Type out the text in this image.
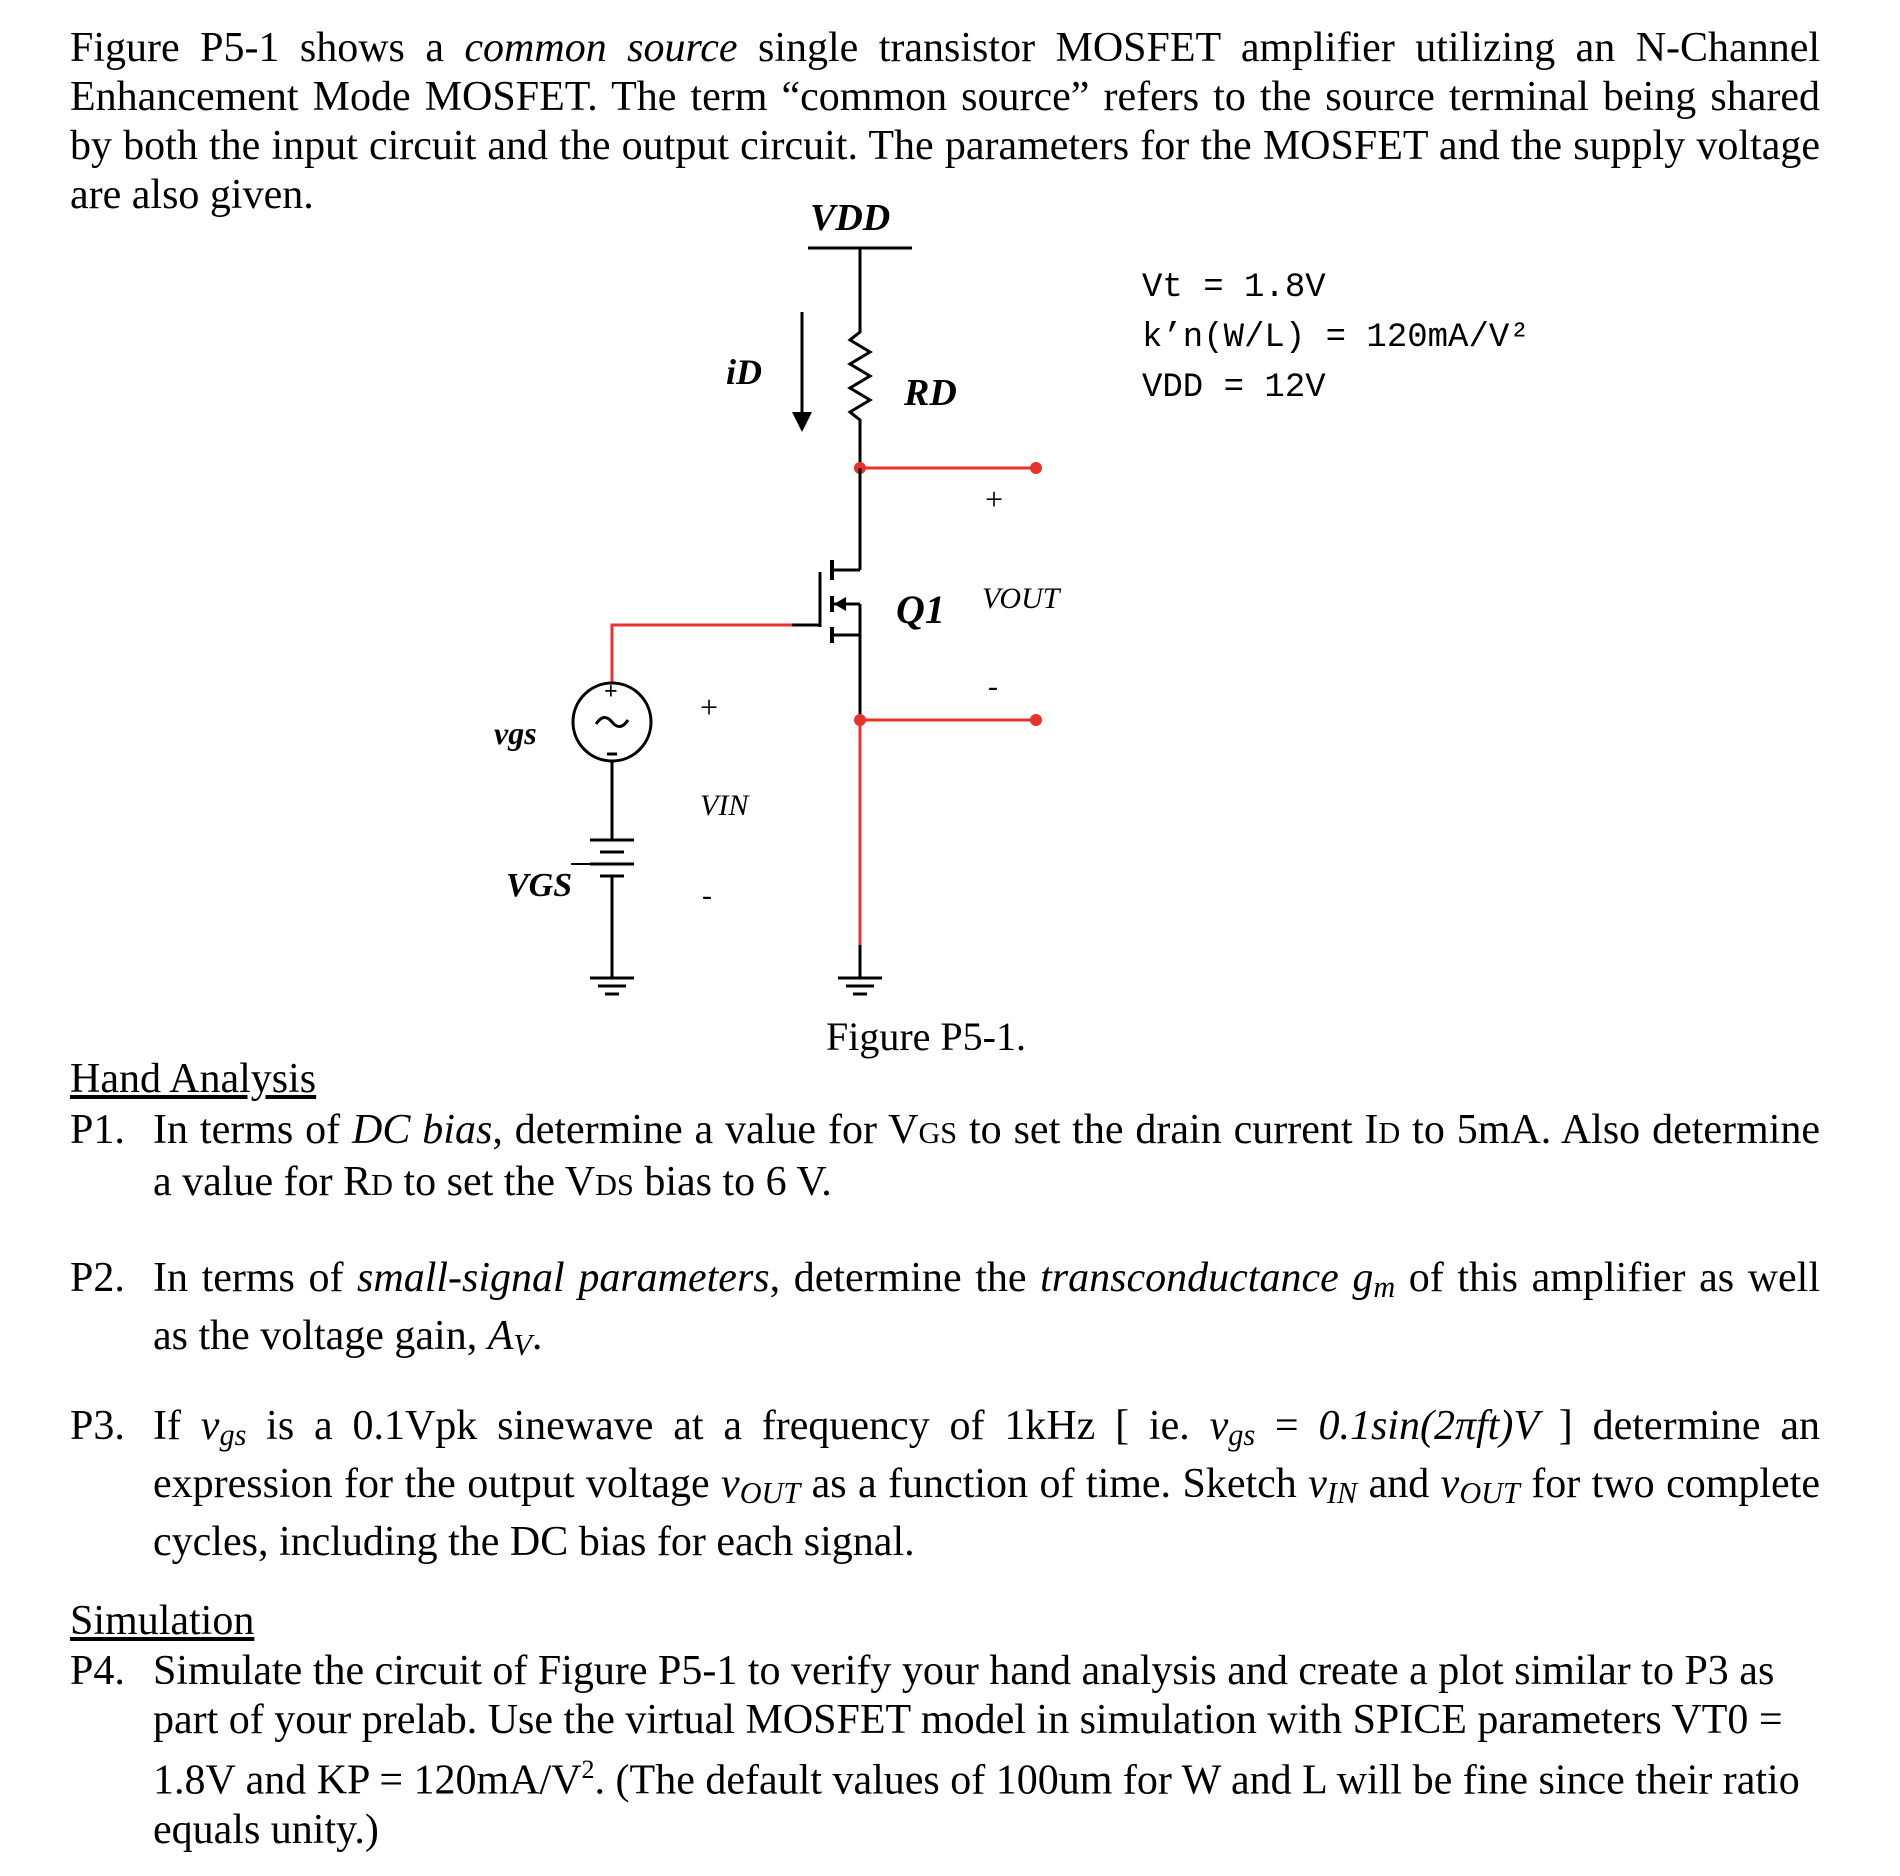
Figure P5-1 shows a common source single transistor MOSFET amplifier utilizing an N-Channel Enhancement Mode MOSFET. The term “common source” refers to the source terminal being shared by both the input circuit and the output circuit. The parameters for the MOSFET and the supply voltage are also given.	VDD
iD	RD
Q1
+
VOUT
-
+
vgs
VGS
+
VIN
-
Vt = 1.8V
k’n(W/L) = 120mA/V²
VDD = 12V
Figure P5-1.
Hand Analysis
P1. In terms of DC bias, determine a value for VGS to set the drain current ID to 5mA. Also determine a value for RD to set the VDS bias to 6 V.
P2. In terms of small-signal parameters, determine the transconductance gm of this amplifier as well as the voltage gain, AV.
P3. If vgs is a 0.1Vpk sinewave at a frequency of 1kHz [ ie. vgs = 0.1sin(2πft)V ] determine an expression for the output voltage vOUT as a function of time. Sketch vIN and vOUT for two complete cycles, including the DC bias for each signal.
Simulation
P4. Simulate the circuit of Figure P5-1 to verify your hand analysis and create a plot similar to P3 as part of your prelab. Use the virtual MOSFET model in simulation with SPICE parameters VT0 = 1.8V and KP = $120mA/V^2$. (The default values of 100um for W and L will be fine since their ratio equals unity.)
